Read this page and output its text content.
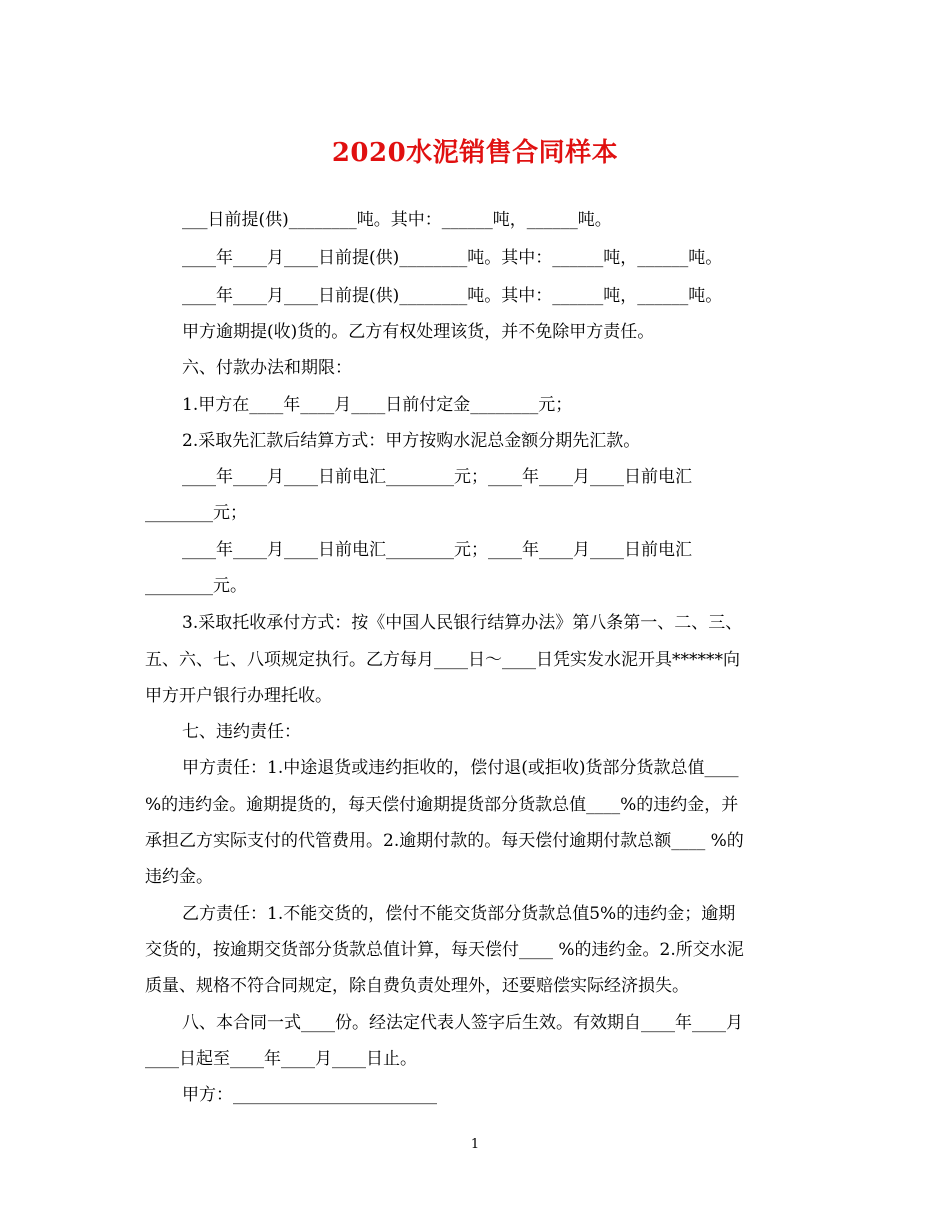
2020水泥销售合同样本
___日前提(供)________吨。其中：______吨，______吨。
____年____月____日前提(供)________吨。其中：______吨，______吨。
____年____月____日前提(供)________吨。其中：______吨，______吨。
甲方逾期提(收)货的。乙方有权处理该货，并不免除甲方责任。
六、付款办法和期限：
1.甲方在____年____月____日前付定金________元；
2.采取先汇款后结算方式：甲方按购水泥总金额分期先汇款。
____年____月____日前电汇________元；____年____月____日前电汇
________元；
____年____月____日前电汇________元；____年____月____日前电汇
________元。
3.采取托收承付方式：按《中国人民银行结算办法》第八条第一、二、三、
五、六、七、八项规定执行。乙方每月____日～____日凭实发水泥开具******向
甲方开户银行办理托收。
七、违约责任：
甲方责任：1.中途退货或违约拒收的，偿付退(或拒收)货部分货款总值____
%的违约金。逾期提货的，每天偿付逾期提货部分货款总值____%的违约金，并
承担乙方实际支付的代管费用。2.逾期付款的。每天偿付逾期付款总额____ %的
违约金。
乙方责任：1.不能交货的，偿付不能交货部分货款总值5%的违约金；逾期
交货的，按逾期交货部分货款总值计算，每天偿付____ %的违约金。2.所交水泥
质量、规格不符合同规定，除自费负责处理外，还要赔偿实际经济损失。
八、本合同一式____份。经法定代表人签字后生效。有效期自____年____月
____日起至____年____月____日止。
甲方：________________________
1
